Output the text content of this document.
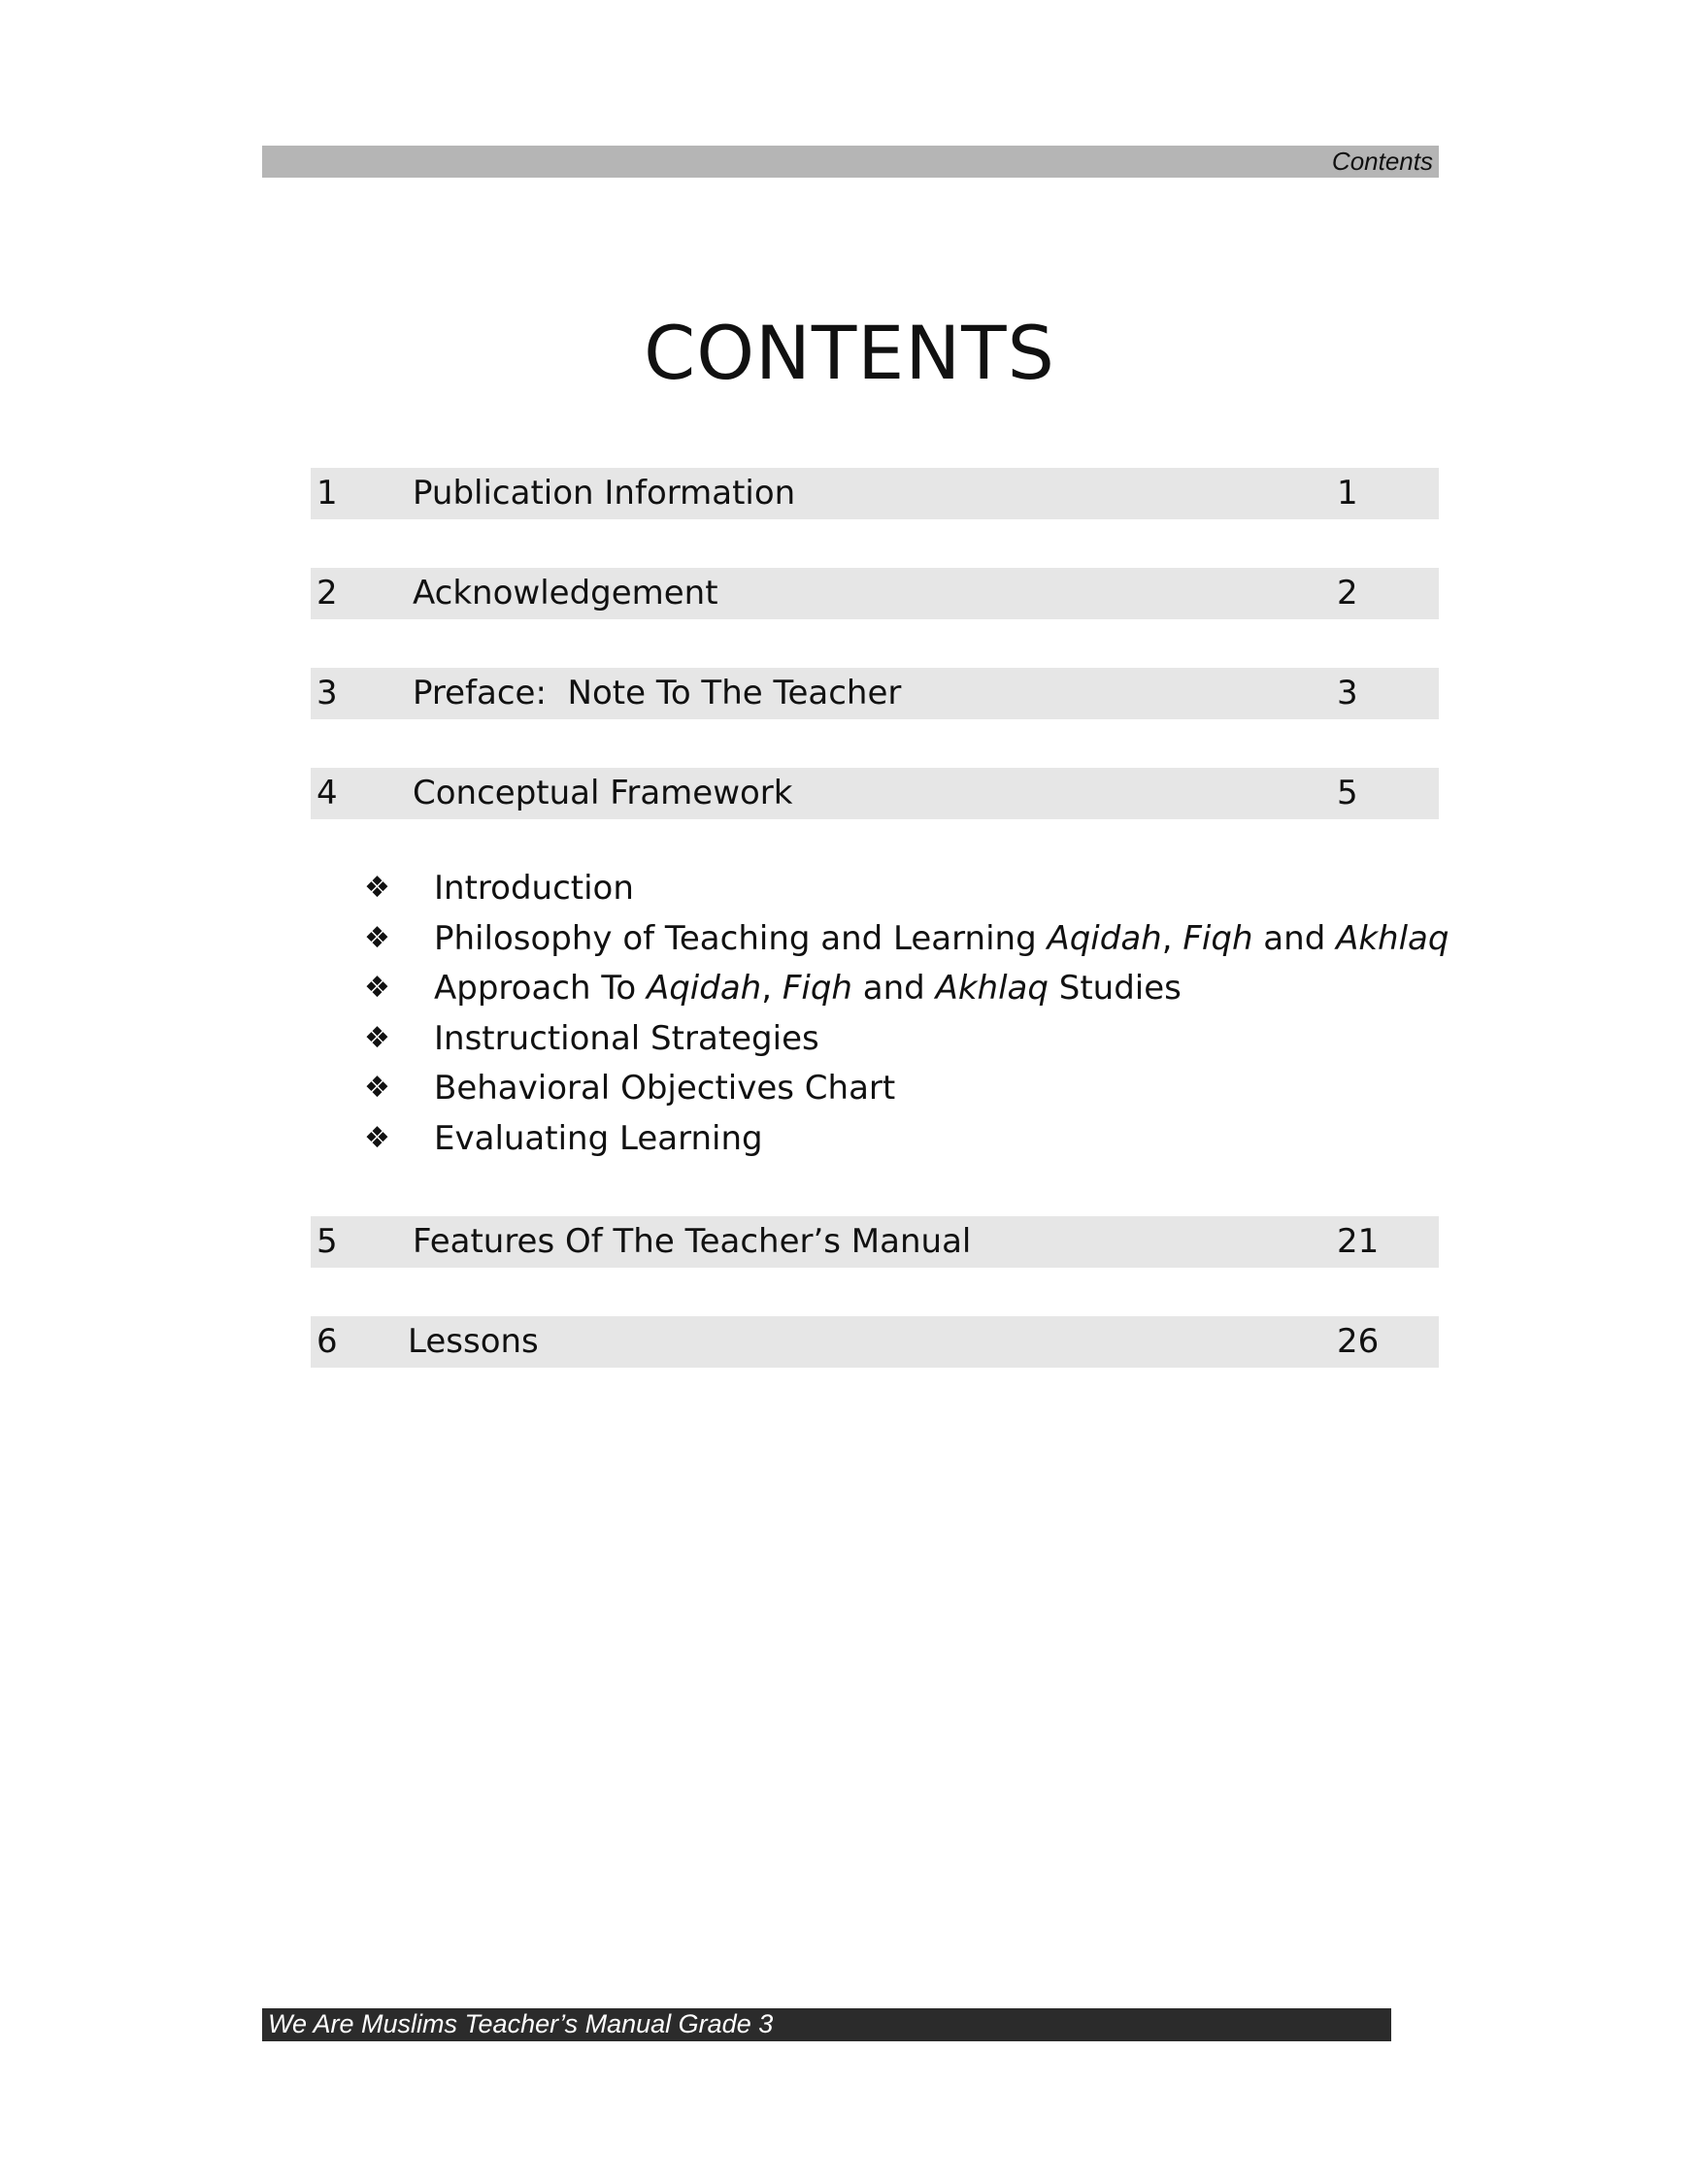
Contents
CONTENTS
1 Publication Information	1
2 Acknowledgement	2
3 Preface:  Note To The Teacher	3
4 Conceptual Framework	5
❖ Introduction
❖ Philosophy of Teaching and Learning Aqidah, Fiqh and Akhlaq
❖ Approach To Aqidah, Fiqh and Akhlaq Studies
❖ Instructional Strategies
❖ Behavioral Objectives Chart
❖ Evaluating Learning
5 Features Of The Teacher’s Manual	21
6 Lessons	26
We Are Muslims Teacher’s Manual Grade 3
